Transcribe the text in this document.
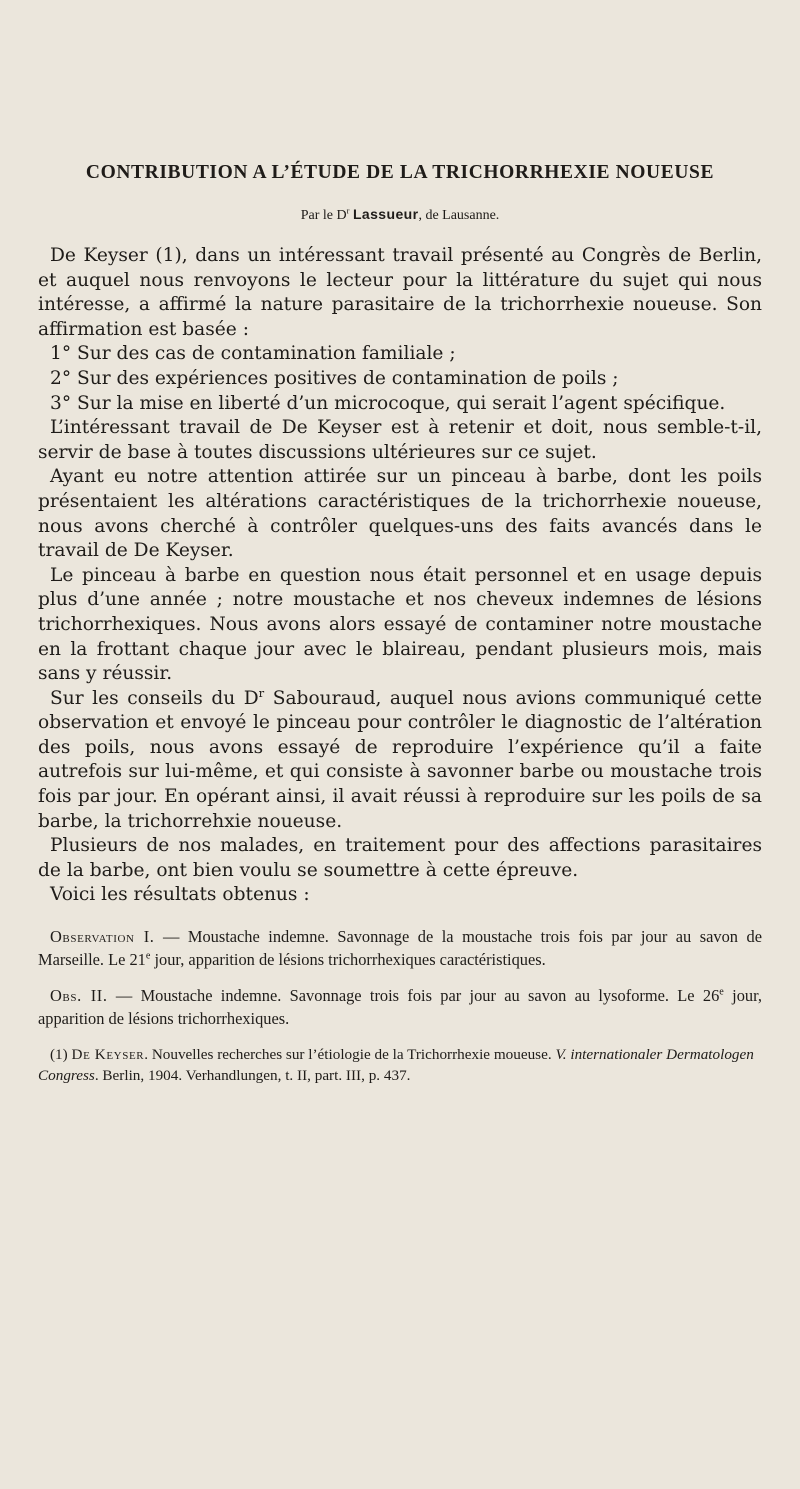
CONTRIBUTION A L’ÉTUDE DE LA TRICHORRHEXIE NOUEUSE
Par le $D^r$ Lassueur, de Lausanne.

De Keyser (1), dans un intéressant travail présenté au Congrès de Berlin, et auquel nous renvoyons le lecteur pour la littérature du sujet qui nous intéresse, a affirmé la nature parasitaire de la trichorrhexie noueuse. Son affirmation est basée :

1° Sur des cas de contamination familiale ;

2° Sur des expériences positives de contamination de poils ;

3° Sur la mise en liberté d’un microcoque, qui serait l’agent spécifique.

L’intéressant travail de De Keyser est à retenir et doit, nous semble-t-il, servir de base à toutes discussions ultérieures sur ce sujet.

Ayant eu notre attention attirée sur un pinceau à barbe, dont les poils présentaient les altérations caractéristiques de la trichorrhexie noueuse, nous avons cherché à contrôler quelques-uns des faits avancés dans le travail de De Keyser.

Le pinceau à barbe en question nous était personnel et en usage depuis plus d’une année ; notre moustache et nos cheveux indemnes de lésions trichorrhexiques. Nous avons alors essayé de contaminer notre moustache en la frottant chaque jour avec le blaireau, pendant plusieurs mois, mais sans y réussir.

Sur les conseils du $D^r$ Sabouraud, auquel nous avions communiqué cette observation et envoyé le pinceau pour contrôler le diagnostic de l’altération des poils, nous avons essayé de reproduire l’expérience qu’il a faite autrefois sur lui-même, et qui consiste à savonner barbe ou moustache trois fois par jour. En opérant ainsi, il avait réussi à reproduire sur les poils de sa barbe, la trichorrehxie noueuse.

Plusieurs de nos malades, en traitement pour des affections parasitaires de la barbe, ont bien voulu se soumettre à cette épreuve.

Voici les résultats obtenus :

Observation I. — Moustache indemne. Savonnage de la moustache trois fois par jour au savon de Marseille. Le 21e jour, apparition de lésions trichorrhexiques caractéristiques.

Obs. II. — Moustache indemne. Savonnage trois fois par jour au savon au lysoforme. Le 26e jour, apparition de lésions trichorrhexiques.

(1) De Keyser. Nouvelles recherches sur l’étiologie de la Trichorrhexie moueuse. V. internationaler Dermatologen Congress. Berlin, 1904. Verhandlungen, t. II, part. III, p. 437.
